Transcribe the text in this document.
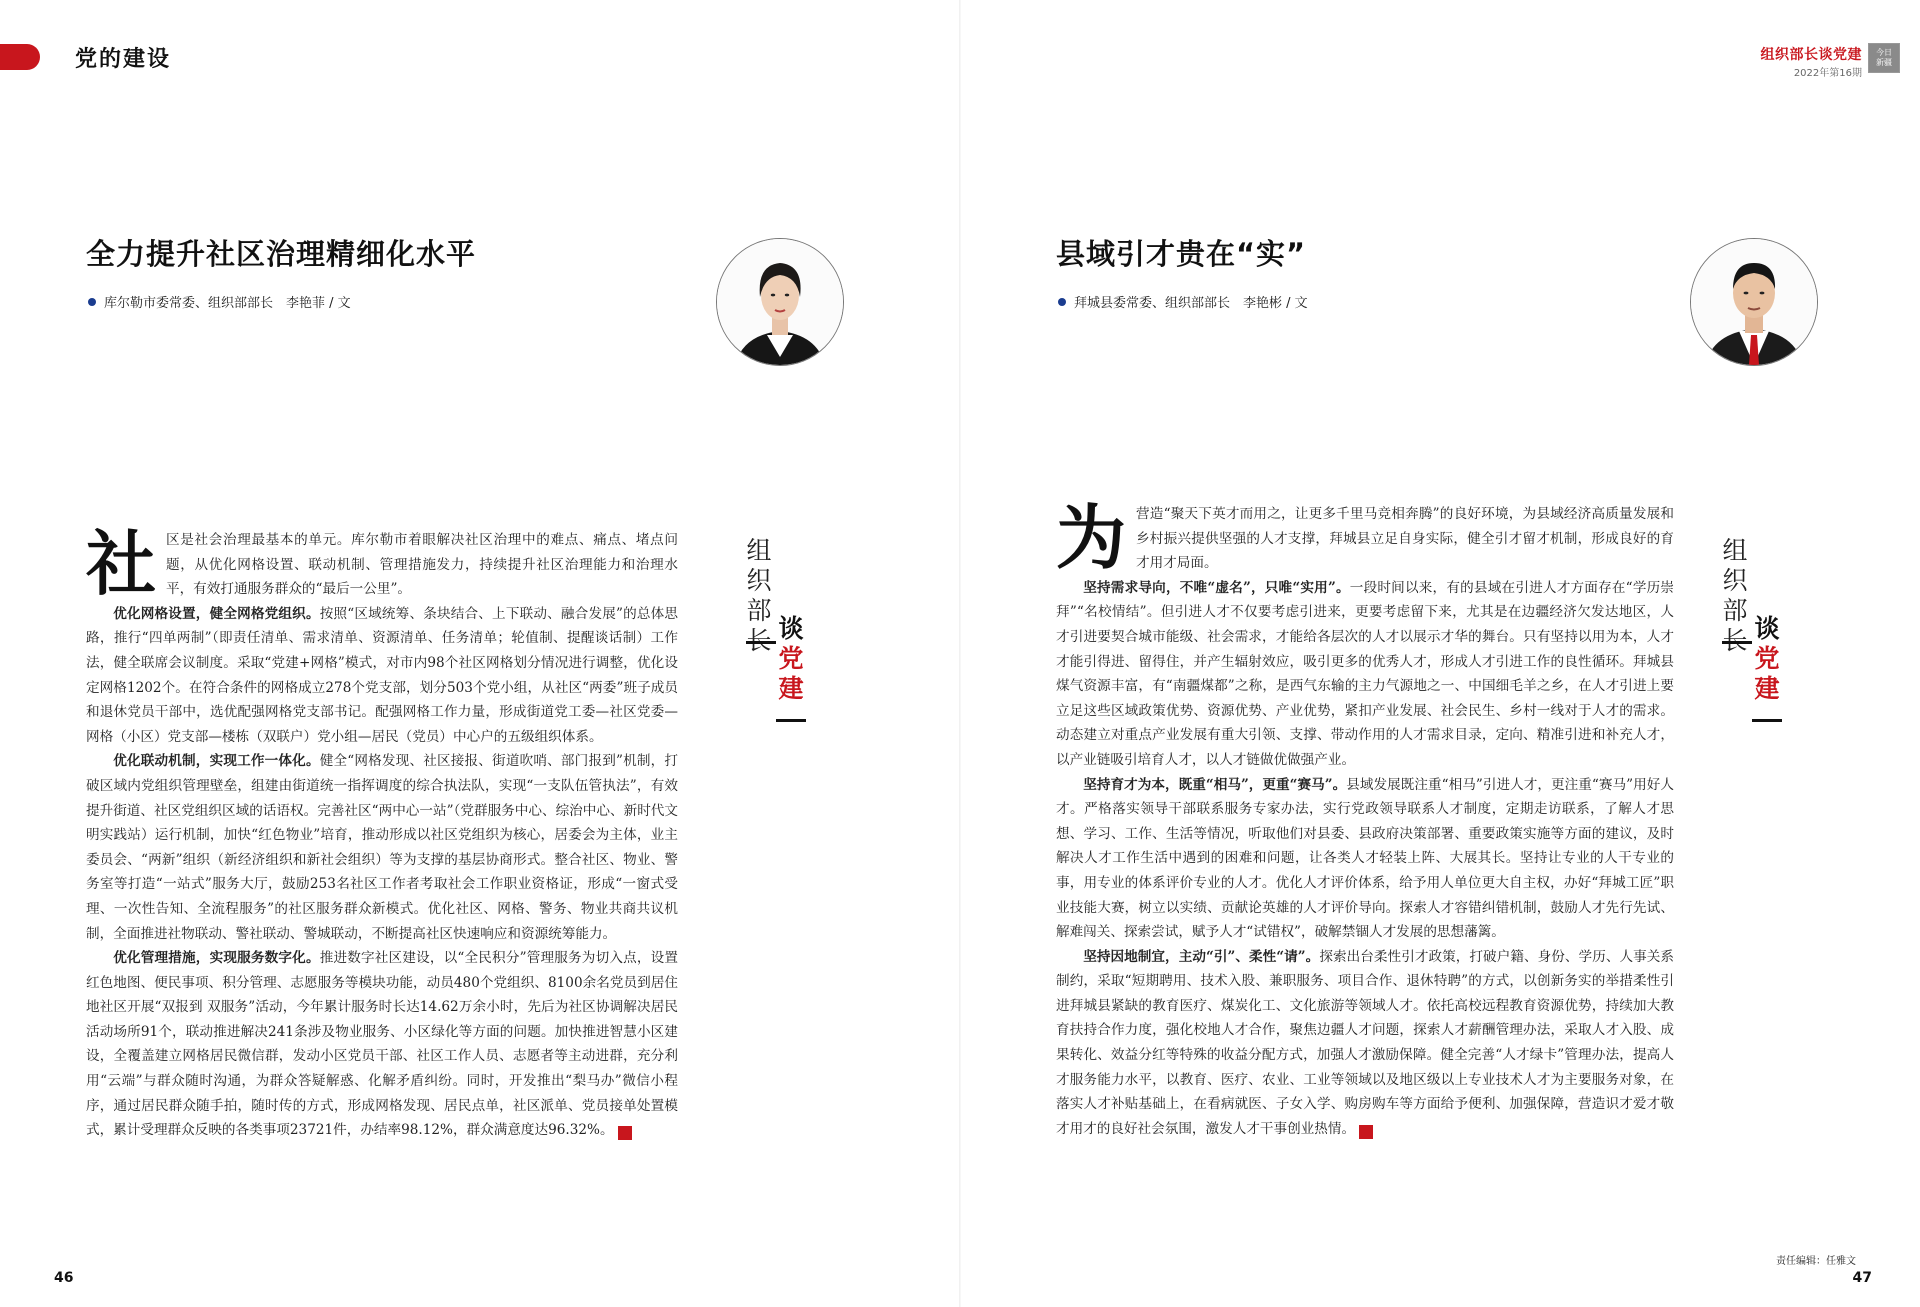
党的建设	组织部长谈党建
2022年第16期
今日
新疆
全力提升社区治理精细化水平
库尔勒市委常委、组织部部长　李艳菲 / 文
组
织
部

谈
党
建

社区是社会治理最基本的单元。库尔勒市着眼解决社区治理中的难点、痛点、堵点问题，从优化网格设置、联动机制、管理措施发力，持续提升社区治理能力和治理水平，有效打通服务群众的“最后一公里”。

优化网格设置，健全网格党组织。按照“区域统筹、条块结合、上下联动、融合发展”的总体思路，推行“四单两制”（即责任清单、需求清单、资源清单、任务清单；轮值制、提醒谈话制）工作法，健全联席会议制度。采取“党建+网格”模式，对市内98个社区网格划分情况进行调整，优化设定网格1202个。在符合条件的网格成立278个党支部，划分503个党小组，从社区“两委”班子成员和退休党员干部中，选优配强网格党支部书记。配强网格工作力量，形成街道党工委—社区党委—网格（小区）党支部—楼栋（双联户）党小组—居民（党员）中心户的五级组织体系。

优化联动机制，实现工作一体化。健全“网格发现、社区接报、街道吹哨、部门报到”机制，打破区域内党组织管理壁垒，组建由街道统一指挥调度的综合执法队，实现“一支队伍管执法”，有效提升街道、社区党组织区域的话语权。完善社区“两中心一站”（党群服务中心、综治中心、新时代文明实践站）运行机制，加快“红色物业”培育，推动形成以社区党组织为核心，居委会为主体，业主委员会、“两新”组织（新经济组织和新社会组织）等为支撑的基层协商形式。整合社区、物业、警务室等打造“一站式”服务大厅，鼓励253名社区工作者考取社会工作职业资格证，形成“一窗式受理、一次性告知、全流程服务”的社区服务群众新模式。优化社区、网格、警务、物业共商共议机制，全面推进社物联动、警社联动、警城联动，不断提高社区快速响应和资源统筹能力。

优化管理措施，实现服务数字化。推进数字社区建设，以“全民积分”管理服务为切入点，设置红色地图、便民事项、积分管理、志愿服务等模块功能，动员480个党组织、8100余名党员到居住地社区开展“双报到 双服务”活动，今年累计服务时长达14.62万余小时，先后为社区协调解决居民活动场所91个，联动推进解决241条涉及物业服务、小区绿化等方面的问题。加快推进智慧小区建设，全覆盖建立网格居民微信群，发动小区党员干部、社区工作人员、志愿者等主动进群，充分利用“云端”与群众随时沟通，为群众答疑解惑、化解矛盾纠纷。同时，开发推出“梨马办”微信小程序，通过居民群众随手拍，随时传的方式，形成网格发现、居民点单，社区派单、党员接单处置模式，累计受理群众反映的各类事项23721件，办结率98.12%，群众满意度达96.32%。	J

46
县域引才贵在“实”
拜城县委常委、组织部部长　李艳彬 / 文
组
织
部

谈
党
建

为营造“聚天下英才而用之，让更多千里马竞相奔腾”的良好环境，为县域经济高质量发展和乡村振兴提供坚强的人才支撑，拜城县立足自身实际，健全引才留才机制，形成良好的育才用才局面。

坚持需求导向，不唯“虚名”，只唯“实用”。一段时间以来，有的县域在引进人才方面存在“学历崇拜”“名校情结”。但引进人才不仅要考虑引进来，更要考虑留下来，尤其是在边疆经济欠发达地区，人才引进要契合城市能级、社会需求，才能给各层次的人才以展示才华的舞台。只有坚持以用为本，人才才能引得进、留得住，并产生辐射效应，吸引更多的优秀人才，形成人才引进工作的良性循环。拜城县煤气资源丰富，有“南疆煤都”之称，是西气东输的主力气源地之一、中国细毛羊之乡，在人才引进上要立足这些区域政策优势、资源优势、产业优势，紧扣产业发展、社会民生、乡村一线对于人才的需求。动态建立对重点产业发展有重大引领、支撑、带动作用的人才需求目录，定向、精准引进和补充人才，以产业链吸引培育人才，以人才链做优做强产业。

坚持育才为本，既重“相马”，更重“赛马”。县域发展既注重“相马”引进人才，更注重“赛马”用好人才。严格落实领导干部联系服务专家办法，实行党政领导联系人才制度，定期走访联系，了解人才思想、学习、工作、生活等情况，听取他们对县委、县政府决策部署、重要政策实施等方面的建议，及时解决人才工作生活中遇到的困难和问题，让各类人才轻装上阵、大展其长。坚持让专业的人干专业的事，用专业的体系评价专业的人才。优化人才评价体系，给予用人单位更大自主权，办好“拜城工匠”职业技能大赛，树立以实绩、贡献论英雄的人才评价导向。探索人才容错纠错机制，鼓励人才先行先试、解难闯关、探索尝试，赋予人才“试错权”，破解禁锢人才发展的思想藩篱。

坚持因地制宜，主动“引”、柔性“请”。探索出台柔性引才政策，打破户籍、身份、学历、人事关系制约，采取“短期聘用、技术入股、兼职服务、项目合作、退休特聘”的方式，以创新务实的举措柔性引进拜城县紧缺的教育医疗、煤炭化工、文化旅游等领域人才。依托高校远程教育资源优势，持续加大教育扶持合作力度，强化校地人才合作，聚焦边疆人才问题，探索人才薪酬管理办法，采取人才入股、成果转化、效益分红等特殊的收益分配方式，加强人才激励保障。健全完善“人才绿卡”管理办法，提高人才服务能力水平，以教育、医疗、农业、工业等领域以及地区级以上专业技术人才为主要服务对象，在落实人才补贴基础上，在看病就医、子女入学、购房购车等方面给予便利、加强保障，营造识才爱才敬才用才的良好社会氛围，激发人才干事创业热情。	J

责任编辑：任雅文
47
